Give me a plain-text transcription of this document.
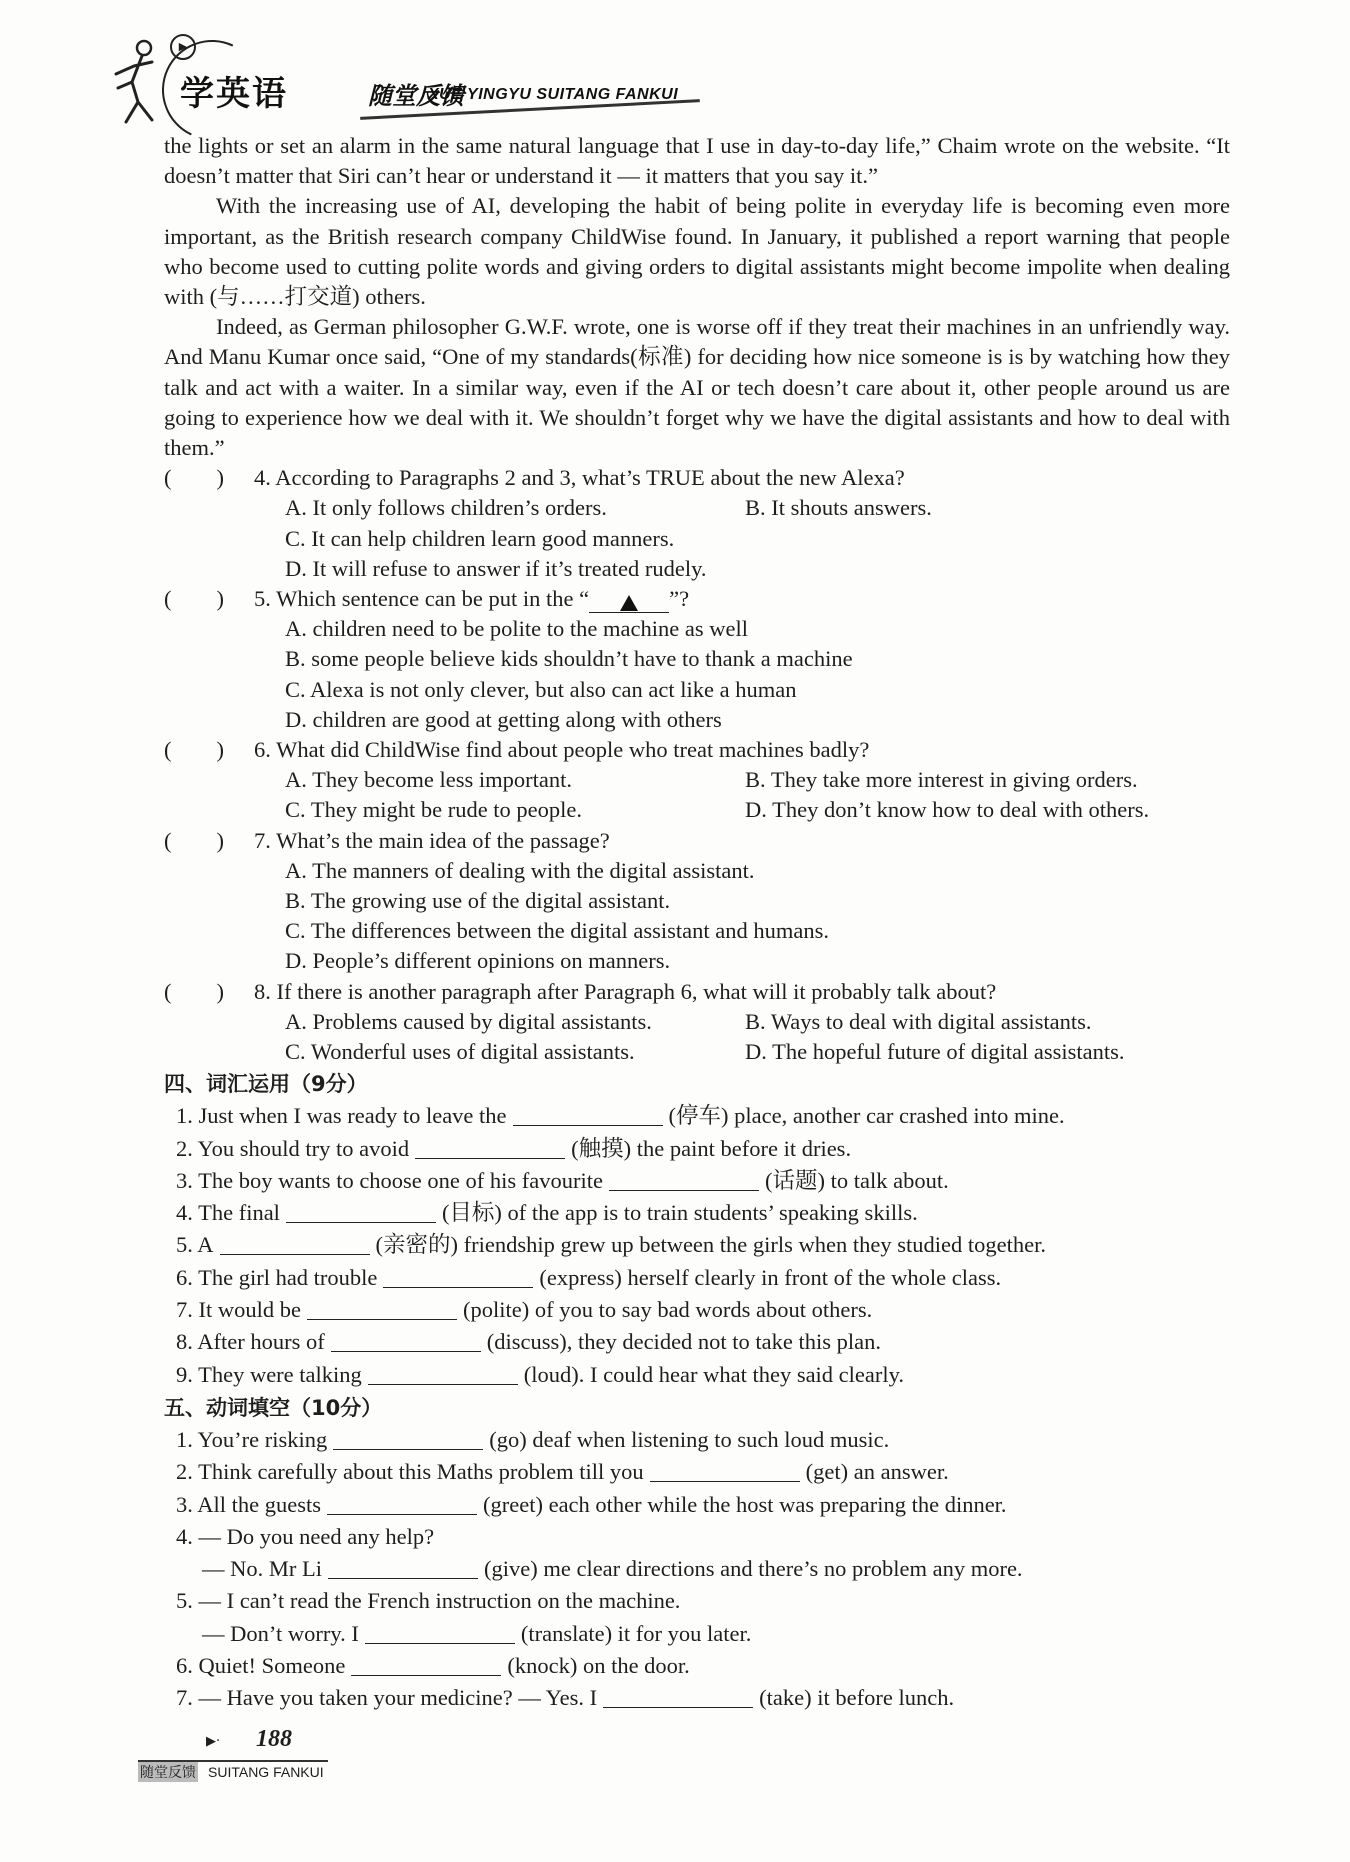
▶
学英语	随堂反馈
XUE YINGYU SUITANG FANKUI

the lights or set an alarm in the same natural language that I use in day-to-day life,” Chaim wrote on the website. “It doesn’t matter that Siri can’t hear or understand it — it matters that you say it.”

With the increasing use of AI, developing the habit of being polite in everyday life is becoming even more important, as the British research company ChildWise found. In January, it published a report warning that people who become used to cutting polite words and giving orders to digital assistants might become impolite when dealing with (与……打交道) others.

Indeed, as German philosopher G.W.F. wrote, one is worse off if they treat their machines in an unfriendly way. And Manu Kumar once said, “One of my standards(标准) for deciding how nice someone is is by watching how they talk and act with a waiter. In a similar way, even if the AI or tech doesn’t care about it, other people around us are going to experience how we deal with it. We shouldn’t forget why we have the digital assistants and how to deal with them.”

(　　)	4. According to Paragraphs 2 and 3, what’s TRUE about the new Alexa?
A. It only follows children’s orders.	B. It shouts answers.
C. It can help children learn good manners.
D. It will refuse to answer if it’s treated rudely.
(　　)	5. Which sentence can be put in the “	”?
A. children need to be polite to the machine as well
B. some people believe kids shouldn’t have to thank a machine
C. Alexa is not only clever, but also can act like a human
D. children are good at getting along with others
(　　)	6. What did ChildWise find about people who treat machines badly?
A. They become less important.	B. They take more interest in giving orders.
C. They might be rude to people.	D. They don’t know how to deal with others.
(　　)	7. What’s the main idea of the passage?
A. The manners of dealing with the digital assistant.
B. The growing use of the digital assistant.
C. The differences between the digital assistant and humans.
D. People’s different opinions on manners.
(　　)	8. If there is another paragraph after Paragraph 6, what will it probably talk about?
A. Problems caused by digital assistants.	B. Ways to deal with digital assistants.
C. Wonderful uses of digital assistants.	D. The hopeful future of digital assistants.
四、词汇运用（9分）

1. Just when I was ready to leave the	(停车) place, another car crashed into mine.

2. You should try to avoid	(触摸) the paint before it dries.

3. The boy wants to choose one of his favourite	(话题) to talk about.

4. The final	(目标) of the app is to train students’ speaking skills.

5. A	(亲密的) friendship grew up between the girls when they studied together.

6. The girl had trouble	(express) herself clearly in front of the whole class.

7. It would be	(polite) of you to say bad words about others.

8. After hours of	(discuss), they decided not to take this plan.

9. They were talking	(loud). I could hear what they said clearly.

五、动词填空（10分）

1. You’re risking	(go) deaf when listening to such loud music.

2. Think carefully about this Maths problem till you	(get) an answer.

3. All the guests	(greet) each other while the host was preparing the dinner.

4. — Do you need any help?

— No. Mr Li	(give) me clear directions and there’s no problem any more.

5. — I can’t read the French instruction on the machine.

— Don’t worry. I	(translate) it for you later.

6. Quiet! Someone	(knock) on the door.

7. — Have you taken your medicine? — Yes. I	(take) it before lunch.

▶· 188
随堂反馈 SUITANG FANKUI
